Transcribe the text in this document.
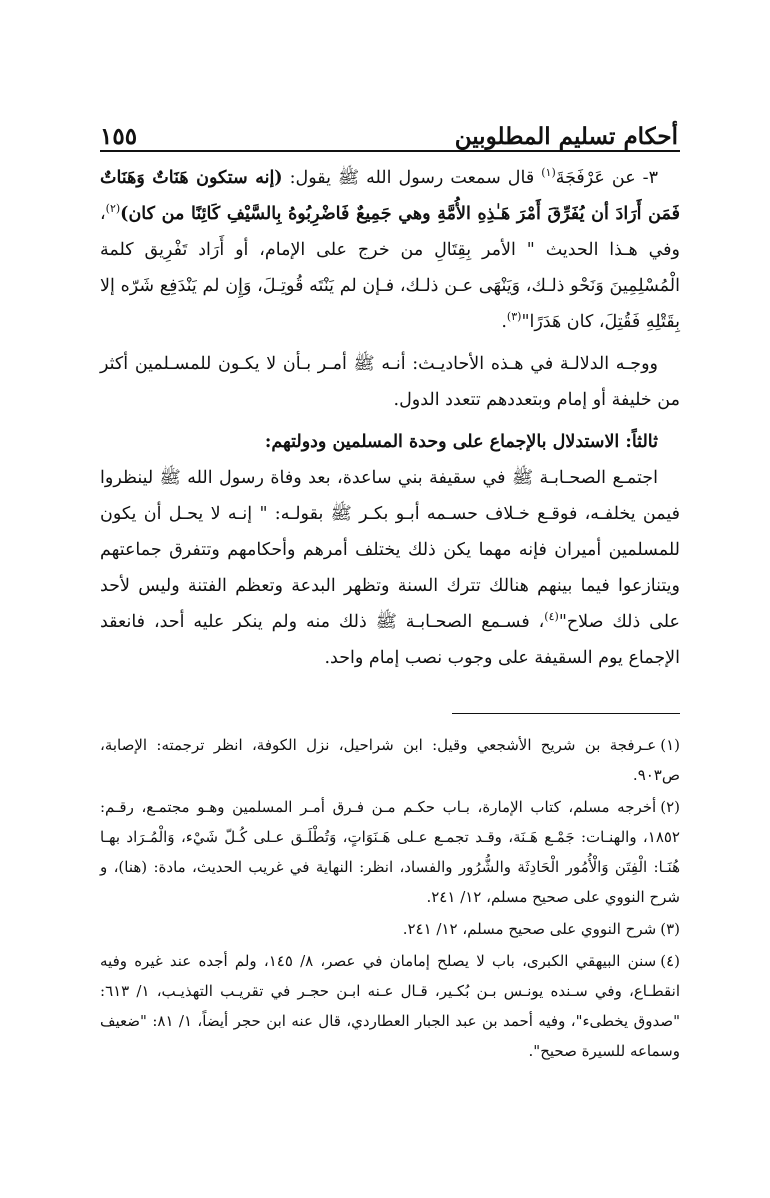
أحكام تسليم المطلوبين
١٥٥

٣- عن عَرْفَجَةَ$^{(١)}$ قال سمعت رسول الله ﷺ يقول: (إنه ستكون هَنَاتٌ وَهَنَاتٌ فَمَن أَرَادَ أن يُفَرِّقَ أَمْرَ هَـٰذِهِ الأُمَّةِ وهي جَمِيعٌ فَاضْرِبُوهُ بِالسَّيْفِ كَائِنًا من كان)$^{(٢)}$، وفي هـذا الحديث " الأمر بِقِتَالِ من خرج على الإمام، أو أَرَاد تَفْرِيق كلمة الْمُسْلِمِينَ وَنَحْو ذلـك، وَيَنْهَى عـن ذلـك، فـإن لم يَنْتَه قُوتِـلَ، وَإِن لم يَنْدَفِع شَرّه إلا بِقَتْلِهِ فَقُتِلَ، كان هَدَرًا"$^{(٣)}$.

ووجـه الدلالـة في هـذه الأحاديـث: أنـه ﷺ أمـر بـأن لا يكـون للمسـلمين أكثر من خليفة أو إمام وبتعددهم تتعدد الدول.

ثالثاً: الاستدلال بالإجماع على وحدة المسلمين ودولتهم:

اجتمـع الصحـابـة ﷺ في سقيفة بني ساعدة، بعد وفاة رسول الله ﷺ لينظروا فيمن يخلفـه، فوقـع خـلاف حسـمه أبـو بكـر ﷺ بقولـه: " إنـه لا يحـل أن يكون للمسلمين أميران فإنه مهما يكن ذلك يختلف أمرهم وأحكامهم وتتفرق جماعتهم ويتنازعوا فيما بينهم هنالك تترك السنة وتظهر البدعة وتعظم الفتنة وليس لأحد على ذلك صلاح"$^{(٤)}$، فسـمع الصحـابـة ﷺ ذلك منه ولم ينكر عليه أحد، فانعقد الإجماع يوم السقيفة على وجوب نصب إمام واحد.

(١)عـرفجة بن شريح الأشجعي وقيل: ابن شراحيل، نزل الكوفة، انظر ترجمته: الإصابة، ص٩٠٣.

(٢)أخرجه مسلم، كتاب الإمارة، بـاب حكـم مـن فـرق أمـر المسلمين وهـو مجتمـع، رقـم: ١٨٥٢، والهنـات: جَمْـع هَـنَة، وقـد تجمـع عـلى هَـنَوَاتٍ، وَتُطْلَـق عـلى كُـلّ شَيْء، وَالْمُـرَاد بهـا هُنَـا: الْفِتَن وَالْأُمُور الْحَادِثَة والشُّرُور والفساد، انظر: النهاية في غريب الحديث، مادة: (هنا)، و شرح النووي على صحيح مسلم، ١٢/ ٢٤١.

(٣)شرح النووي على صحيح مسلم، ١٢/ ٢٤١.

(٤)سنن البيهقي الكبرى، باب لا يصلح إمامان في عصر، ٨/ ١٤٥، ولم أجده عند غيره وفيه انقطـاع، وفي سـنده يونـس بـن بُكـير، قـال عـنه ابـن حجـر في تقريـب التهذيـب، ١/ ٦١٣: "صدوق يخطىء"، وفيه أحمد بن عبد الجبار العطاردي، قال عنه ابن حجر أيضاً، ١/ ٨١: "ضعيف وسماعه للسيرة صحيح".
